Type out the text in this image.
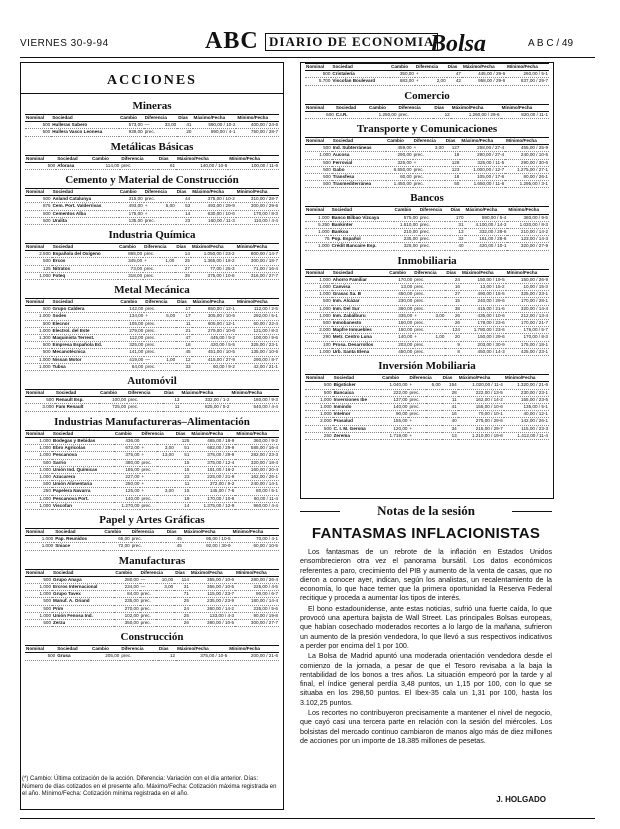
VIERNES 30-9-94	ABC DIARIO DE ECONOMIA
Bolsa	A B C / 49
ACCIONES
Mineras
Nominal	Sociedad	Cambio	Diferencia		Días	Máximo/Fecha	Mínimo/Fecha
500	Hulleras Sabero	573,00	—	33,00	41	590,00 / 10-2	400,00 / 24-6
500	Hullera Vasco Leonesa	939,00	prec.		20	990,00 / 4-1	750,00 / 28-7
Metálicas Básicas
Nominal	Sociedad	Cambio	Diferencia		Días	Máximo/Fecha	Mínimo/Fecha
500	Aforasa	114,00	prec.		61	140,00 / 10-5	100,00 / 11-6
Cemento y Material de Construcción
Nominal	Sociedad	Cambio	Diferencia		Días	Máximo/Fecha	Mínimo/Fecha
500	Asland Catalunya	315,00	prec.		44	375,00 / 10-2	310,00 / 28-7
875	Cem. Port. Valderrivas	493,00	+	5,00	53	493,00 / 29-9	300,00 / 29-6
500	Cementos Alba	175,00	+		14	630,00 / 10-6	170,00 / 8-3
500	Uralita	135,00	prec.		23	160,00 / 11-3	110,00 / 4-4
Industria Química
Nominal	Sociedad	Cambio	Diferencia		Días	Máximo/Fecha	Mínimo/Fecha
2.500	Española del Oxígeno	865,00	prec.		14	1.050,00 / 23-2	800,00 / 14-7
500	Ercos	345,00	+	1,00	25	1.365,00 / 18-2	300,00 / 18-7
125	Nitratos	73,00	prec.		27	77,00 / 25-3	71,00 / 16-4
1.000	Foteq	318,00	prec.		35	375,00 / 10-6	316,00 / 27-7
Metal Mecánica
Nominal	Sociedad	Cambio	Diferencia		Días	Máximo/Fecha	Mínimo/Fecha
500	Grupo Caldera	142,00	prec.		17	650,00 / 12-1	112,00 / 2-5
1.000	Sodes	134,00	+	5,00	17	305,00 / 10-5	292,00 / 5-1
500	Elecnor	105,00	prec.		11	605,00 / 12-1	60,00 / 22-4
1.000	Electrol. del Este	279,00	prec.		21	279,00 / 10-6	121,00 / 8-3
1.300	Maquinista Terrest.	112,00	prec.		47	445,00 / 9-2	100,00 / 9-6
500	Empresa Española Ed.	325,00	prec.		18	420,00 / 5-5	325,00 / 23-1
500	Mecanotécnica	141,00	prec.		45	451,00 / 10-5	135,00 / 10-6
1.000	Nissan Motor	419,00	—	1,00	12	415,00 / 27-9	290,00 / 8-7
1.000	Tubsa	64,00	prec.		33	60,00 / 9-2	42,00 / 21-1
Automóvil
Nominal	Sociedad	Cambio	Diferencia		Días	Máximo/Fecha	Mínimo/Fecha
500	Renault Esp.	100,00	prec.		13	332,00 / 1-2	160,00 / 9-3
3.000	Fam Renault	725,00	prec.		11	825,00 / 5-2	540,00 / 4-4
Industrias Manufactureras–Alimentación
Nominal	Sociedad	Cambio	Diferencia		Días	Máximo/Fecha	Mínimo/Fecha
1.000	Bodegas y Bebidas	436,00			125	465,00 / 18-9	360,00 / 9-2
1.000	Ebro Agrícolas	672,00	+	3,00	51	682,00 / 29-9	585,00 / 16-4
1.000	Pescanova	375,00	+	13,00	51	375,00 / 29-9	282,00 / 23-3
500	Sarrio	380,00	prec.		15	375,00 / 12-4	320,00 / 18-4
1.000	Unión Ind. Químicas	185,00	prec.		15	191,00 / 16-2	160,00 / 20-4
1.000	Azucarera	227,00	+		23	225,00 / 21-9	162,00 / 26-1
500	Unión Alimentaria	250,00	+		11	372,00 / 9-2	240,00 / 14-1
250	Papelera Navarra	125,00	+	3,00	15	145,00 / 7-6	80,00 / 5-1
1.000	Pescanova Port.	140,00	prec.		19	170,00 / 10-9	60,00 / 11-4
1.000	Viscofan	1.270,00	prec.		14	1.375,00 / 12-9	960,00 / 4-4
Papel y Artes Gráficas
Nominal	Sociedad	Cambio	Diferencia		Días	Máximo/Fecha	Mínimo/Fecha
1.000	Pap. Reunidos	65,00	prec.		45	95,00 / 10-5	70,00 / 4-1
1.000	Sniace	72,00	prec.		45	92,00 / 30-9	60,00 / 10-5
Manufacturas
Nominal	Sociedad	Cambio	Diferencia		Días	Máximo/Fecha	Mínimo/Fecha
500	Grupo Anaya	280,00	—	10,00	114	355,00 / 10-6	280,00 / 26-4
1.000	Ercros Internacional	234,00	—	3,00	31	356,00 / 10-5	225,00 / 4-5
1.000	Grupo Tavex	84,00	prec.		71	115,00 / 23-7	90,00 / 6-7
500	Manuf. A. Oriand	235,00	prec.		25	235,00 / 23-9	180,00 / 14-4
500	Prim	270,00	prec.		24	360,00 / 14-2	235,00 / 5-6
1.000	Unión Fenosa Ind.	102,00	prec.		25	133,00 / 4-3	90,00 / 19-8
500	Zerzu	350,00	prec.		26	390,00 / 10-5	300,00 / 27-7
Construcción
Nominal	Sociedad	Cambio	Diferencia		Días	Máximo/Fecha	Mínimo/Fecha
500	Grusa	205,00	prec.		12	375,00 / 10-5	200,00 / 21-6
(*) Cambio: Última cotización de la acción. Diferencia: Variación con el día anterior. Días: Número de días cotizados en el presente año. Máximo/Fecha: Cotización máxima registrada en el año. Mínimo/Fecha: Cotización mínima registrada en el año.
Nominal	Sociedad	Cambio	Diferencia		Días	Máximo/Fecha	Mínimo/Fecha
500	Cristalería	350,00	+		47	445,00 / 29-6	260,00 / 5-1
5.700	Viscofan Boulevard	683,00	+	2,00	42	958,00 / 29-6	837,00 / 29-7
Comercio
Nominal	Sociedad	Cambio	Diferencia		Días	Máximo/Fecha	Mínimo/Fecha
500	C.I.R.	1.250,00	prec.		12	1.260,00 / 29-6	820,00 / 11-1
Transporte y Comunicaciones
Nominal	Sociedad	Cambio	Diferencia		Días	Máximo/Fecha	Mínimo/Fecha
500	Ind. Subterráneas	459,00	+	3,00	127	258,00 / 27-4	455,00 / 25-9
1.000	Aucosa	290,00	prec.		18	290,00 / 27-4	240,00 / 10-5
500	Ferrovial	325,00	+		128	325,00 / 11-5	290,00 / 30-6
500	Gabo	6.550,00	prec.		123	1.000,00 / 12-7	1.275,00 / 27-1
500	Transfesa	60,00	prec.		18	105,00 / 17-6	80,00 / 26-1
500	Trasmediterránea	1.450,00	prec.		50	1.650,00 / 11-6	1.295,00 / 3-1
Bancos
Nominal	Sociedad	Cambio	Diferencia		Días	Máximo/Fecha	Mínimo/Fecha
1.000	Banco Bilbao Vizcaya	575,00	prec.		170	590,00 / 5-4	380,00 / 9-5
5.250	Bankinter	1.510,00	prec.		31	4.100,00 / 14-3	1.020,00 / 8-3
1.000	Bankoa	210,00	prec.		13	332,00 / 28-6	210,00 / 14-2
75	Pop. Español	235,00	prec.		32	161,00 / 28-6	123,00 / 14-3
1.000	Crédit Bancaire Esp.	325,00	prec.		40	420,00 / 10-1	320,00 / 27-9
Inmobiliaria
Nominal	Sociedad	Cambio	Diferencia		Días	Máximo/Fecha	Mínimo/Fecha
1.000	Ahorro Familiar	170,00	prec.		24	150,00 / 19-5	150,00 / 26-9
1.000	Canvisa	13,00	prec.		16	13,00 / 15-2	10,00 / 15-3
1.000	Grasac Sa. B	450,00	prec.		27	490,00 / 15-5	325,00 / 23-1
500	Inm. Alcázar	230,00	prec.		15	240,00 / 29-6	170,00 / 28-1
1.000	Inm. Del Sur	360,00	prec.		38	415,00 / 21-6	320,00 / 14-4
1.000	Inm. Zabálburu	335,00	+	3,00	26	435,00 / 10-6	212,00 / 13-4
500	Inmobanesto	150,00	prec.		26	178,00 / 23-6	170,00 / 21-7
2.000	Mapfre Inmuebles	150,00	prec.		124	1.780,00 / 23-6	176,00 / 5-7
290	Metr. Centro Luna	140,00	+	1,00	20	150,00 / 29-6	170,00 / 8-3
100	Prosa. Desarrollos	203,00	prec.		9	203,00 / 30-9	175,00 / 18-1
1.000	Urb. Santa Elena	450,00	prec.		8	450,00 / 14-3	425,00 / 23-1
Inversión Mobiliaria
Nominal	Sociedad	Cambio	Diferencia		Días	Máximo/Fecha	Mínimo/Fecha
500	Bigsticker	1.040,00	+	5,00	154	1.020,00 / 11-4	1.320,00 / 21-6
500	Bancaixa	222,00	prec.		28	222,00 / 13-5	230,00 / 23-1
1.000	Inversiones Ibe	137,00	prec.		11	162,00 / 14-2	155,00 / 23-5
1.000	Inmindo	140,00	prec.		41	155,00 / 10-6	135,00 / 5-1
1.000	Intelnor	90,00	prec.		16	70,00 / 10-1	40,00 / 12-1
2.000	Prasalud	155,00	+		40	275,00 / 29-6	142,00 / 26-1
500	C. I. M. Gerona	120,00	+		34	215,00 / 29-7	115,00 / 23-3
250	Zerema	1.719,00	+		13	1.210,00 / 19-6	1.412,00 / 11-4
Notas de la sesión
FANTASMAS INFLACIONISTAS

Los fantasmas de un rebrote de la inflación en Estados Unidos ensombrecieron otra vez el panorama bursátil. Los datos económicos referentes a paro, crecimiento del PIB y aumento de la venta de casas, que no dieron a conocer ayer, indican, según los analistas, un recalentamiento de la economía, lo que hace temer que la primera oportunidad la Reserva Federal recitique y proceda a aumentar los tipos de interés.

El bono estadounidense, ante estas noticias, sufrió una fuerte caída, lo que provocó una apertura bajista de Wall Street. Las principales Bolsas europeas, que habían cosechado moderados recortes a lo largo de la mañana, sufrieron un aumento de la presión vendedora, lo que llevó a sus respectivos indicativos a perder por encima del 1 por 100.

La Bolsa de Madrid apuntó una moderada orientación vendedora desde el comienzo de la jornada, a pesar de que el Tesoro revisaba a la baja la rentabilidad de los bonos a tres años. La situación empeoró por la tarde y al final, el índice general perdía 3,48 puntos, un 1,15 por 100, con lo que se situaba en los 298,50 puntos. El Ibex-35 cala un 1,31 por 100, hasta los 3.102,25 puntos.

Los recortes no contribuyeron precisamente a mantener el nivel de negocio, que cayó casi una tercera parte en relación con la sesión del miércoles. Los bolsistas del mercado continuo cambiaron de manos algo más de diez millones de acciones por un importe de 18.385 millones de pesetas.

J. HOLGADO
